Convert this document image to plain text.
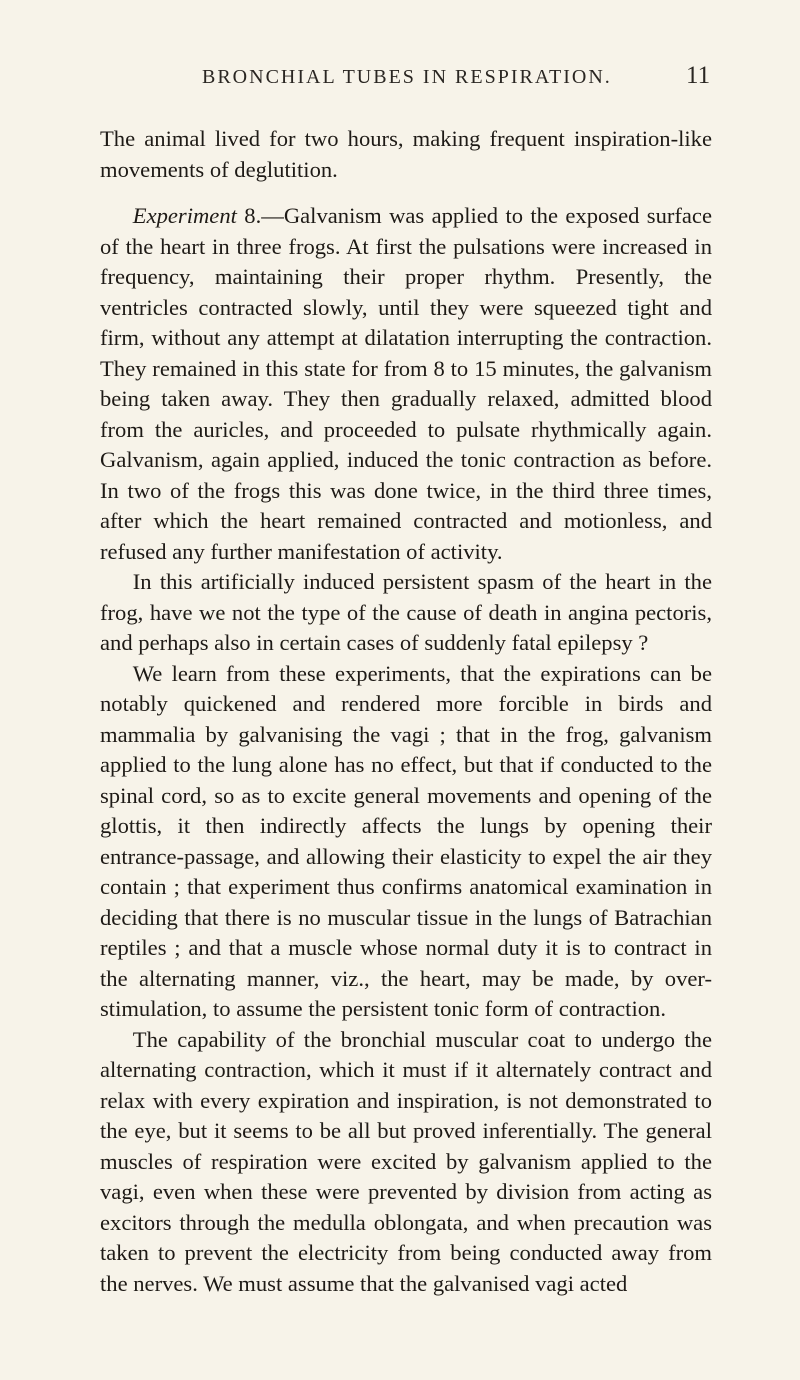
BRONCHIAL TUBES IN RESPIRATION.	11

The animal lived for two hours, making frequent inspiration-like movements of deglutition.

Experiment 8.—Galvanism was applied to the exposed surface of the heart in three frogs. At first the pulsations were increased in frequency, maintaining their proper rhythm. Presently, the ventricles contracted slowly, until they were squeezed tight and firm, without any attempt at dilatation interrupting the contraction. They remained in this state for from 8 to 15 minutes, the galvanism being taken away. They then gradually relaxed, admitted blood from the auricles, and proceeded to pulsate rhythmically again. Galvanism, again applied, induced the tonic contraction as before. In two of the frogs this was done twice, in the third three times, after which the heart remained contracted and motionless, and refused any further manifestation of activity.

In this artificially induced persistent spasm of the heart in the frog, have we not the type of the cause of death in angina pectoris, and perhaps also in certain cases of suddenly fatal epilepsy ?

We learn from these experiments, that the expirations can be notably quickened and rendered more forcible in birds and mammalia by galvanising the vagi ; that in the frog, galvanism applied to the lung alone has no effect, but that if conducted to the spinal cord, so as to excite general movements and opening of the glottis, it then indirectly affects the lungs by opening their entrance-passage, and allowing their elasticity to expel the air they contain ; that experiment thus confirms anatomical examination in deciding that there is no muscular tissue in the lungs of Batrachian reptiles ; and that a muscle whose normal duty it is to contract in the alternating manner, viz., the heart, may be made, by over-stimulation, to assume the persistent tonic form of contraction.

The capability of the bronchial muscular coat to undergo the alternating contraction, which it must if it alternately contract and relax with every expiration and inspiration, is not demonstrated to the eye, but it seems to be all but proved inferentially. The general muscles of respiration were excited by galvanism applied to the vagi, even when these were prevented by division from acting as excitors through the medulla oblongata, and when precaution was taken to prevent the electricity from being conducted away from the nerves. We must assume that the galvanised vagi acted
